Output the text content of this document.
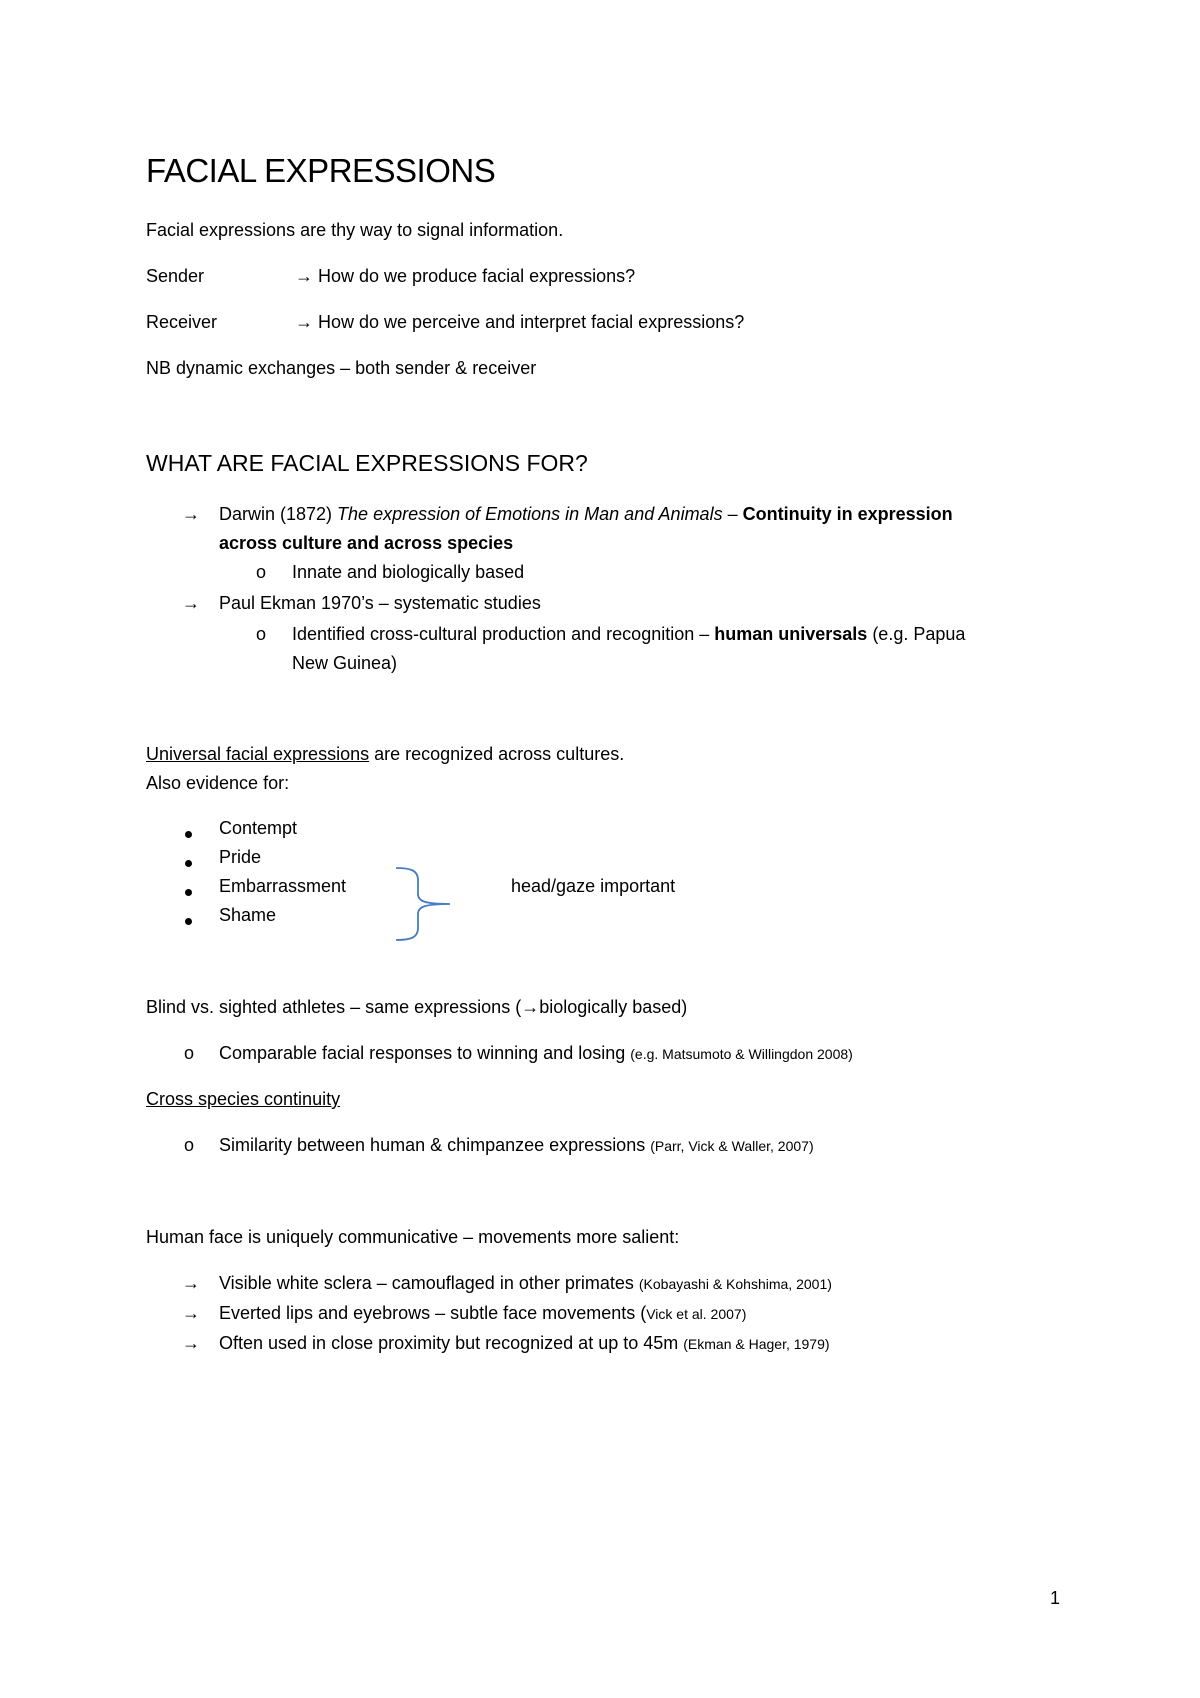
FACIAL EXPRESSIONS
Facial expressions are thy way to signal information.
Sender	→ How do we produce facial expressions?
Receiver	→ How do we perceive and interpret facial expressions?
NB dynamic exchanges – both sender & receiver
WHAT ARE FACIAL EXPRESSIONS FOR?
→ Darwin (1872) The expression of Emotions in Man and Animals – Continuity in expression
across culture and across species
o Innate and biologically based
→ Paul Ekman 1970’s – systematic studies
o Identified cross-cultural production and recognition – human universals (e.g. Papua
New Guinea)
Universal facial expressions are recognized across cultures.
Also evidence for:
Contempt
Pride
Embarrassment
Shame
head/gaze important
Blind vs. sighted athletes – same expressions (→biologically based)
o Comparable facial responses to winning and losing (e.g. Matsumoto & Willingdon 2008)
Cross species continuity
o Similarity between human & chimpanzee expressions (Parr, Vick & Waller, 2007)
Human face is uniquely communicative – movements more salient:
→ Visible white sclera – camouflaged in other primates (Kobayashi & Kohshima, 2001)
→ Everted lips and eyebrows – subtle face movements (Vick et al. 2007)
→ Often used in close proximity but recognized at up to 45m (Ekman & Hager, 1979)
1
